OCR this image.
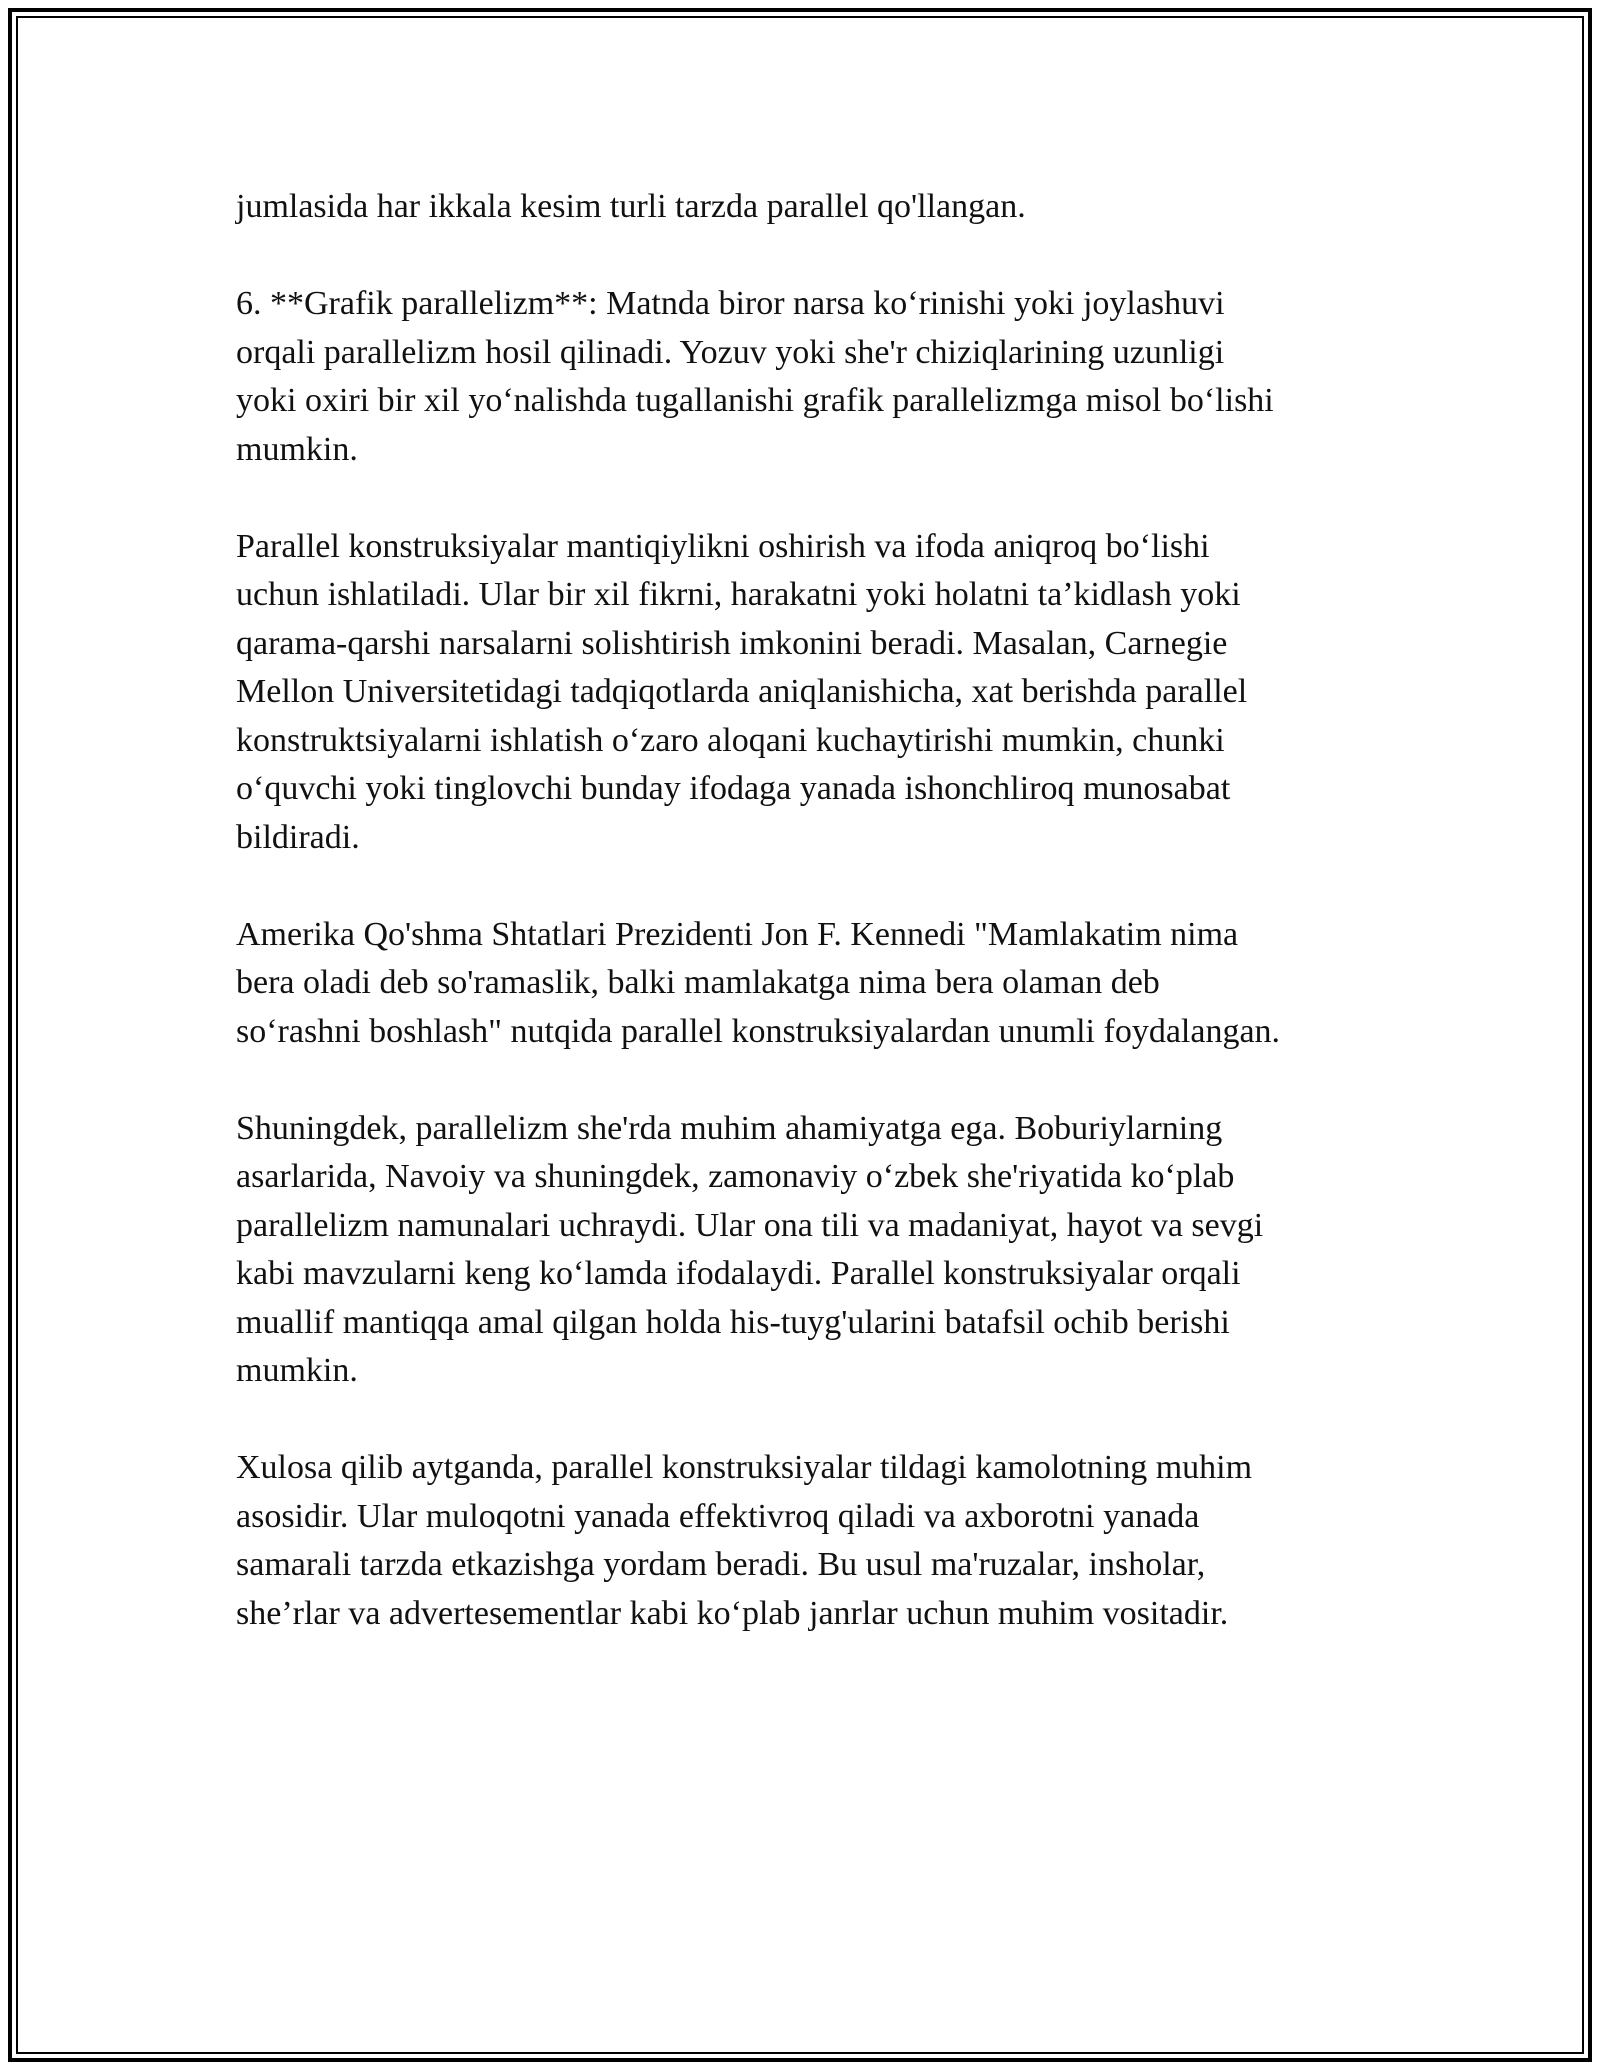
jumlasida har ikkala kesim turli tarzda parallel qo'llangan.

6. **Grafik parallelizm**: Matnda biror narsa ko‘rinishi yoki joylashuvi
orqali parallelizm hosil qilinadi. Yozuv yoki she'r chiziqlarining uzunligi
yoki oxiri bir xil yo‘nalishda tugallanishi grafik parallelizmga misol bo‘lishi
mumkin.

Parallel konstruksiyalar mantiqiylikni oshirish va ifoda aniqroq bo‘lishi
uchun ishlatiladi. Ular bir xil fikrni, harakatni yoki holatni ta’kidlash yoki
qarama-qarshi narsalarni solishtirish imkonini beradi. Masalan, Carnegie
Mellon Universitetidagi tadqiqotlarda aniqlanishicha, xat berishda parallel
konstruktsiyalarni ishlatish o‘zaro aloqani kuchaytirishi mumkin, chunki
o‘quvchi yoki tinglovchi bunday ifodaga yanada ishonchliroq munosabat
bildiradi.

Amerika Qo'shma Shtatlari Prezidenti Jon F. Kennedi "Mamlakatim nima
bera oladi deb so'ramaslik, balki mamlakatga nima bera olaman deb
so‘rashni boshlash" nutqida parallel konstruksiyalardan unumli foydalangan.

Shuningdek, parallelizm she'rda muhim ahamiyatga ega. Boburiylarning
asarlarida, Navoiy va shuningdek, zamonaviy o‘zbek she'riyatida ko‘plab
parallelizm namunalari uchraydi. Ular ona tili va madaniyat, hayot va sevgi
kabi mavzularni keng ko‘lamda ifodalaydi. Parallel konstruksiyalar orqali
muallif mantiqqa amal qilgan holda his-tuyg'ularini batafsil ochib berishi
mumkin.

Xulosa qilib aytganda, parallel konstruksiyalar tildagi kamolotning muhim
asosidir. Ular muloqotni yanada effektivroq qiladi va axborotni yanada
samarali tarzda etkazishga yordam beradi. Bu usul ma'ruzalar, insholar,
she’rlar va advertesementlar kabi ko‘plab janrlar uchun muhim vositadir.
